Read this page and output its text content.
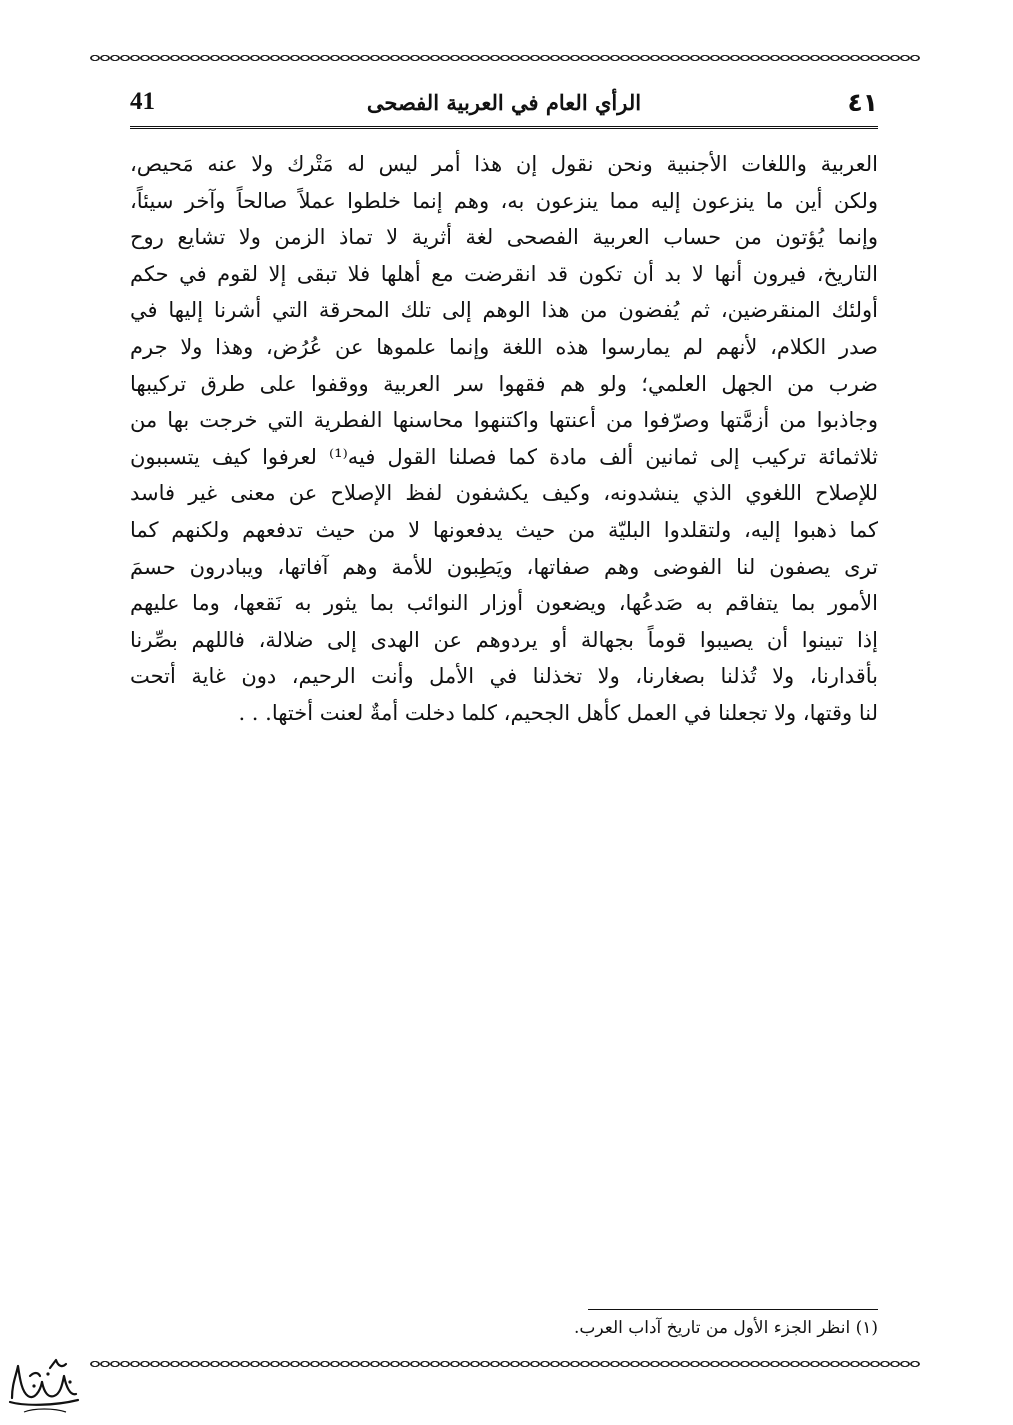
41	الرأي العام في العربية الفصحى	٤١
العربية واللغات الأجنبية ونحن نقول إن هذا أمر ليس له مَتْرك ولا عنه مَحيص،
ولكن أين ما ينزعون إليه مما ينزعون به، وهم إنما خلطوا عملاً صالحاً وآخر سيئاً،
وإنما يُؤتون من حساب العربية الفصحى لغة أثرية لا تماذ الزمن ولا تشايع روح
التاريخ، فيرون أنها لا بد أن تكون قد انقرضت مع أهلها فلا تبقى إلا لقوم في حكم
أولئك المنقرضين، ثم يُفضون من هذا الوهم إلى تلك المحرقة التي أشرنا إليها في
صدر الكلام، لأنهم لم يمارسوا هذه اللغة وإنما علموها عن عُرُض، وهذا ولا جرم
ضرب من الجهل العلمي؛ ولو هم فقهوا سر العربية ووقفوا على طرق تركيبها
وجاذبوا من أزمَّتها وصرّفوا من أعنتها واكتنهوا محاسنها الفطرية التي خرجت بها من
ثلاثمائة تركيب إلى ثمانين ألف مادة كما فصلنا القول فيه⁽¹⁾ لعرفوا كيف يتسببون
للإصلاح اللغوي الذي ينشدونه، وكيف يكشفون لفظ الإصلاح عن معنى غير فاسد
كما ذهبوا إليه، ولتقلدوا البليّة من حيث يدفعونها لا من حيث تدفعهم ولكنهم كما
ترى يصفون لنا الفوضى وهم صفاتها، ويَطِبون للأمة وهم آفاتها، ويبادرون حسمَ
الأمور بما يتفاقم به صَدعُها، ويضعون أوزار النوائب بما يثور به نَقعها، وما عليهم
إذا تبينوا أن يصيبوا قوماً بجهالة أو يردوهم عن الهدى إلى ضلالة، فاللهم بصِّرنا
بأقدارنا، ولا تُذلنا بصغارنا، ولا تخذلنا في الأمل وأنت الرحيم، دون غاية أتحت
لنا وقتها، ولا تجعلنا في العمل كأهل الجحيم، كلما دخلت أمةٌ لعنت أختها. . .

(١) انظر الجزء الأول من تاريخ آداب العرب.
